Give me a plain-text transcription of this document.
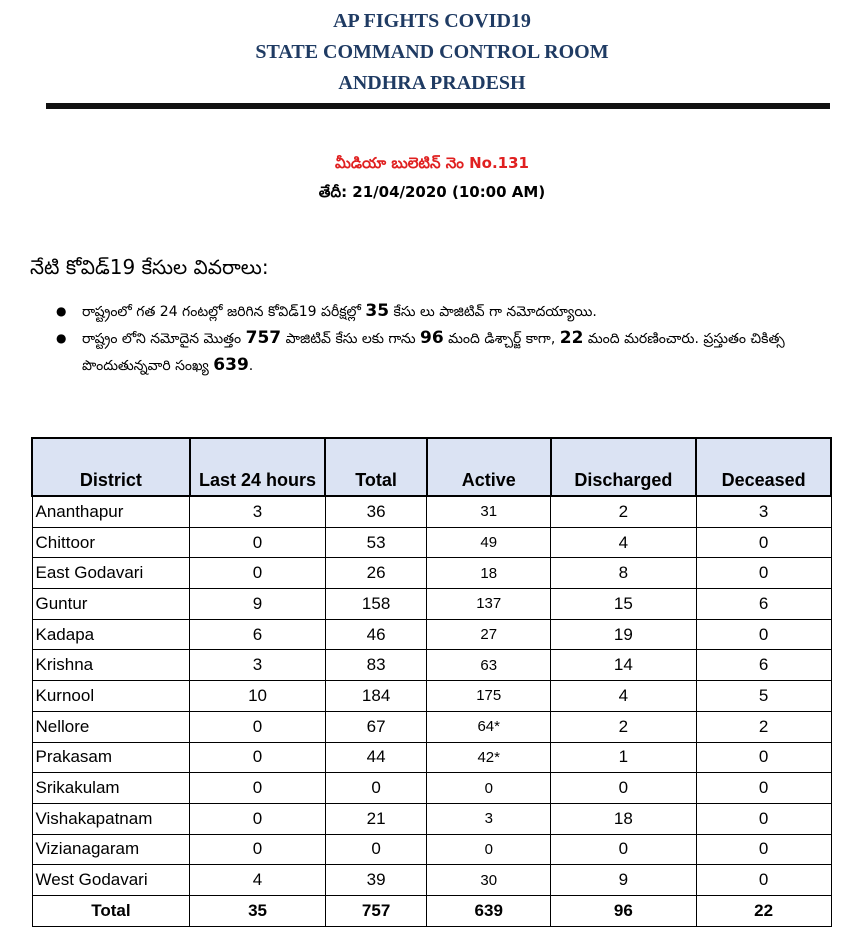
AP FIGHTS COVID19
STATE COMMAND CONTROL ROOM
ANDHRA PRADESH
మీడియా బులెటిన్ నెం No.131
తేదీ: 21/04/2020 (10:00 AM)
నేటి కోవిడ్19 కేసుల వివరాలు:
● రాష్ట్రంలో గత 24 గంటల్లో జరిగిన కోవిడ్19 పరీక్షల్లో 35 కేసు లు పాజిటివ్ గా నమోదయ్యాయి.
● రాష్ట్రం లోని నమోదైన మొత్తం 757 పాజిటివ్ కేసు లకు గాను 96 మంది డిశ్చార్జ్ కాగా, 22 మంది మరణించారు. ప్రస్తుతం చికిత్స పొందుతున్నవారి సంఖ్య 639.
District	Last 24 hours	Total	Active	Discharged	Deceased
Ananthapur	3	36	31	2	3
Chittoor	0	53	49	4	0
East Godavari	0	26	18	8	0
Guntur	9	158	137	15	6
Kadapa	6	46	27	19	0
Krishna	3	83	63	14	6
Kurnool	10	184	175	4	5
Nellore	0	67	64*	2	2
Prakasam	0	44	42*	1	0
Srikakulam	0	0	0	0	0
Vishakapatnam	0	21	3	18	0
Vizianagaram	0	0	0	0	0
West Godavari	4	39	30	9	0
Total	35	757	639	96	22
